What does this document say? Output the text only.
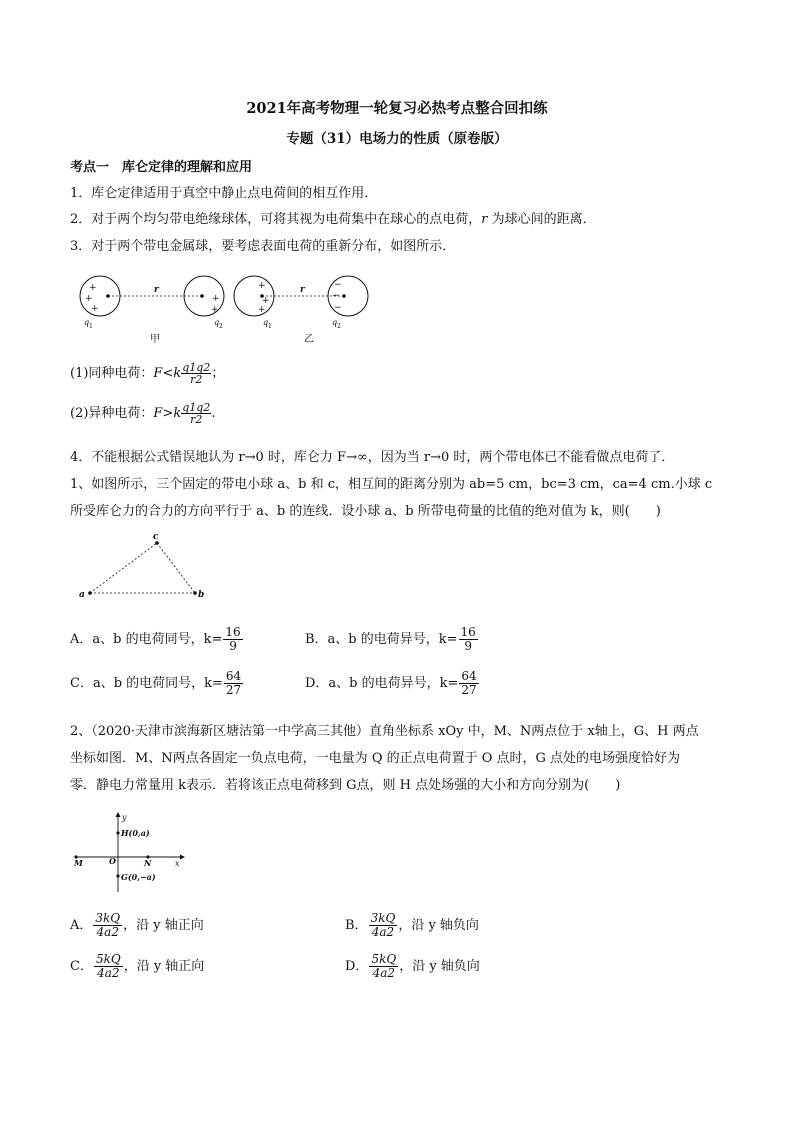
2021年高考物理一轮复习必热考点整合回扣练
专题（31）电场力的性质（原卷版）
考点一　库仑定律的理解和应用
1．库仑定律适用于真空中静止点电荷间的相互作用．
2．对于两个均匀带电绝缘球体，可将其视为电荷集中在球心的点电荷，r 为球心间的距离．
3．对于两个带电金属球，要考虑表面电荷的重新分布，如图所示．
+
+
+
r
+
+
q 1	q 2
+
+
+
r	−
−
−
q 1	q 2
甲	乙
(1)同种电荷：$F<k \frac{q1q2}{r2}$ ；
(2)异种电荷：$F>k \frac{q1q2}{r2}$ .
4．不能根据公式错误地认为 r→0 时，库仑力 F→∞，因为当 r→0 时，两个带电体已不能看做点电荷了．
1、如图所示，三个固定的带电小球 a、b 和 c，相互间的距离分别为 ab=5 cm，bc=3 cm，ca=4 cm.小球 c
所受库仑力的合力的方向平行于 a、b 的连线．设小球 a、b 所带电荷量的比值的绝对值为 k，则(　　)
a	b
c
A．a、b 的电荷同号，$k= \frac{16}{9}$	B．a、b 的电荷异号，$k= \frac{16}{9}$
C．a、b 的电荷同号，$k= \frac{64}{27}$	D．a、b 的电荷异号，$k= \frac{64}{27}$
2、（2020·天津市滨海新区塘沽第一中学高三其他）直角坐标系 xOy 中，M、N两点位于 x轴上，G、H 两点
坐标如图．M、N两点各固定一负点电荷，一电量为 Q 的正点电荷置于 O 点时，G 点处的电场强度恰好为
零．静电力常量用 k表示．若将该正点电荷移到 G点，则 H 点处场强的大小和方向分别为(　　)
y
x
H(0,a)
G(0,−a)
M	O	N
A． $\frac{3kQ}{4a2}$ ，沿 y 轴正向	B． $\frac{3kQ}{4a2}$ ，沿 y 轴负向
C． $\frac{5kQ}{4a2}$ ，沿 y 轴正向	D． $\frac{5kQ}{4a2}$ ，沿 y 轴负向
